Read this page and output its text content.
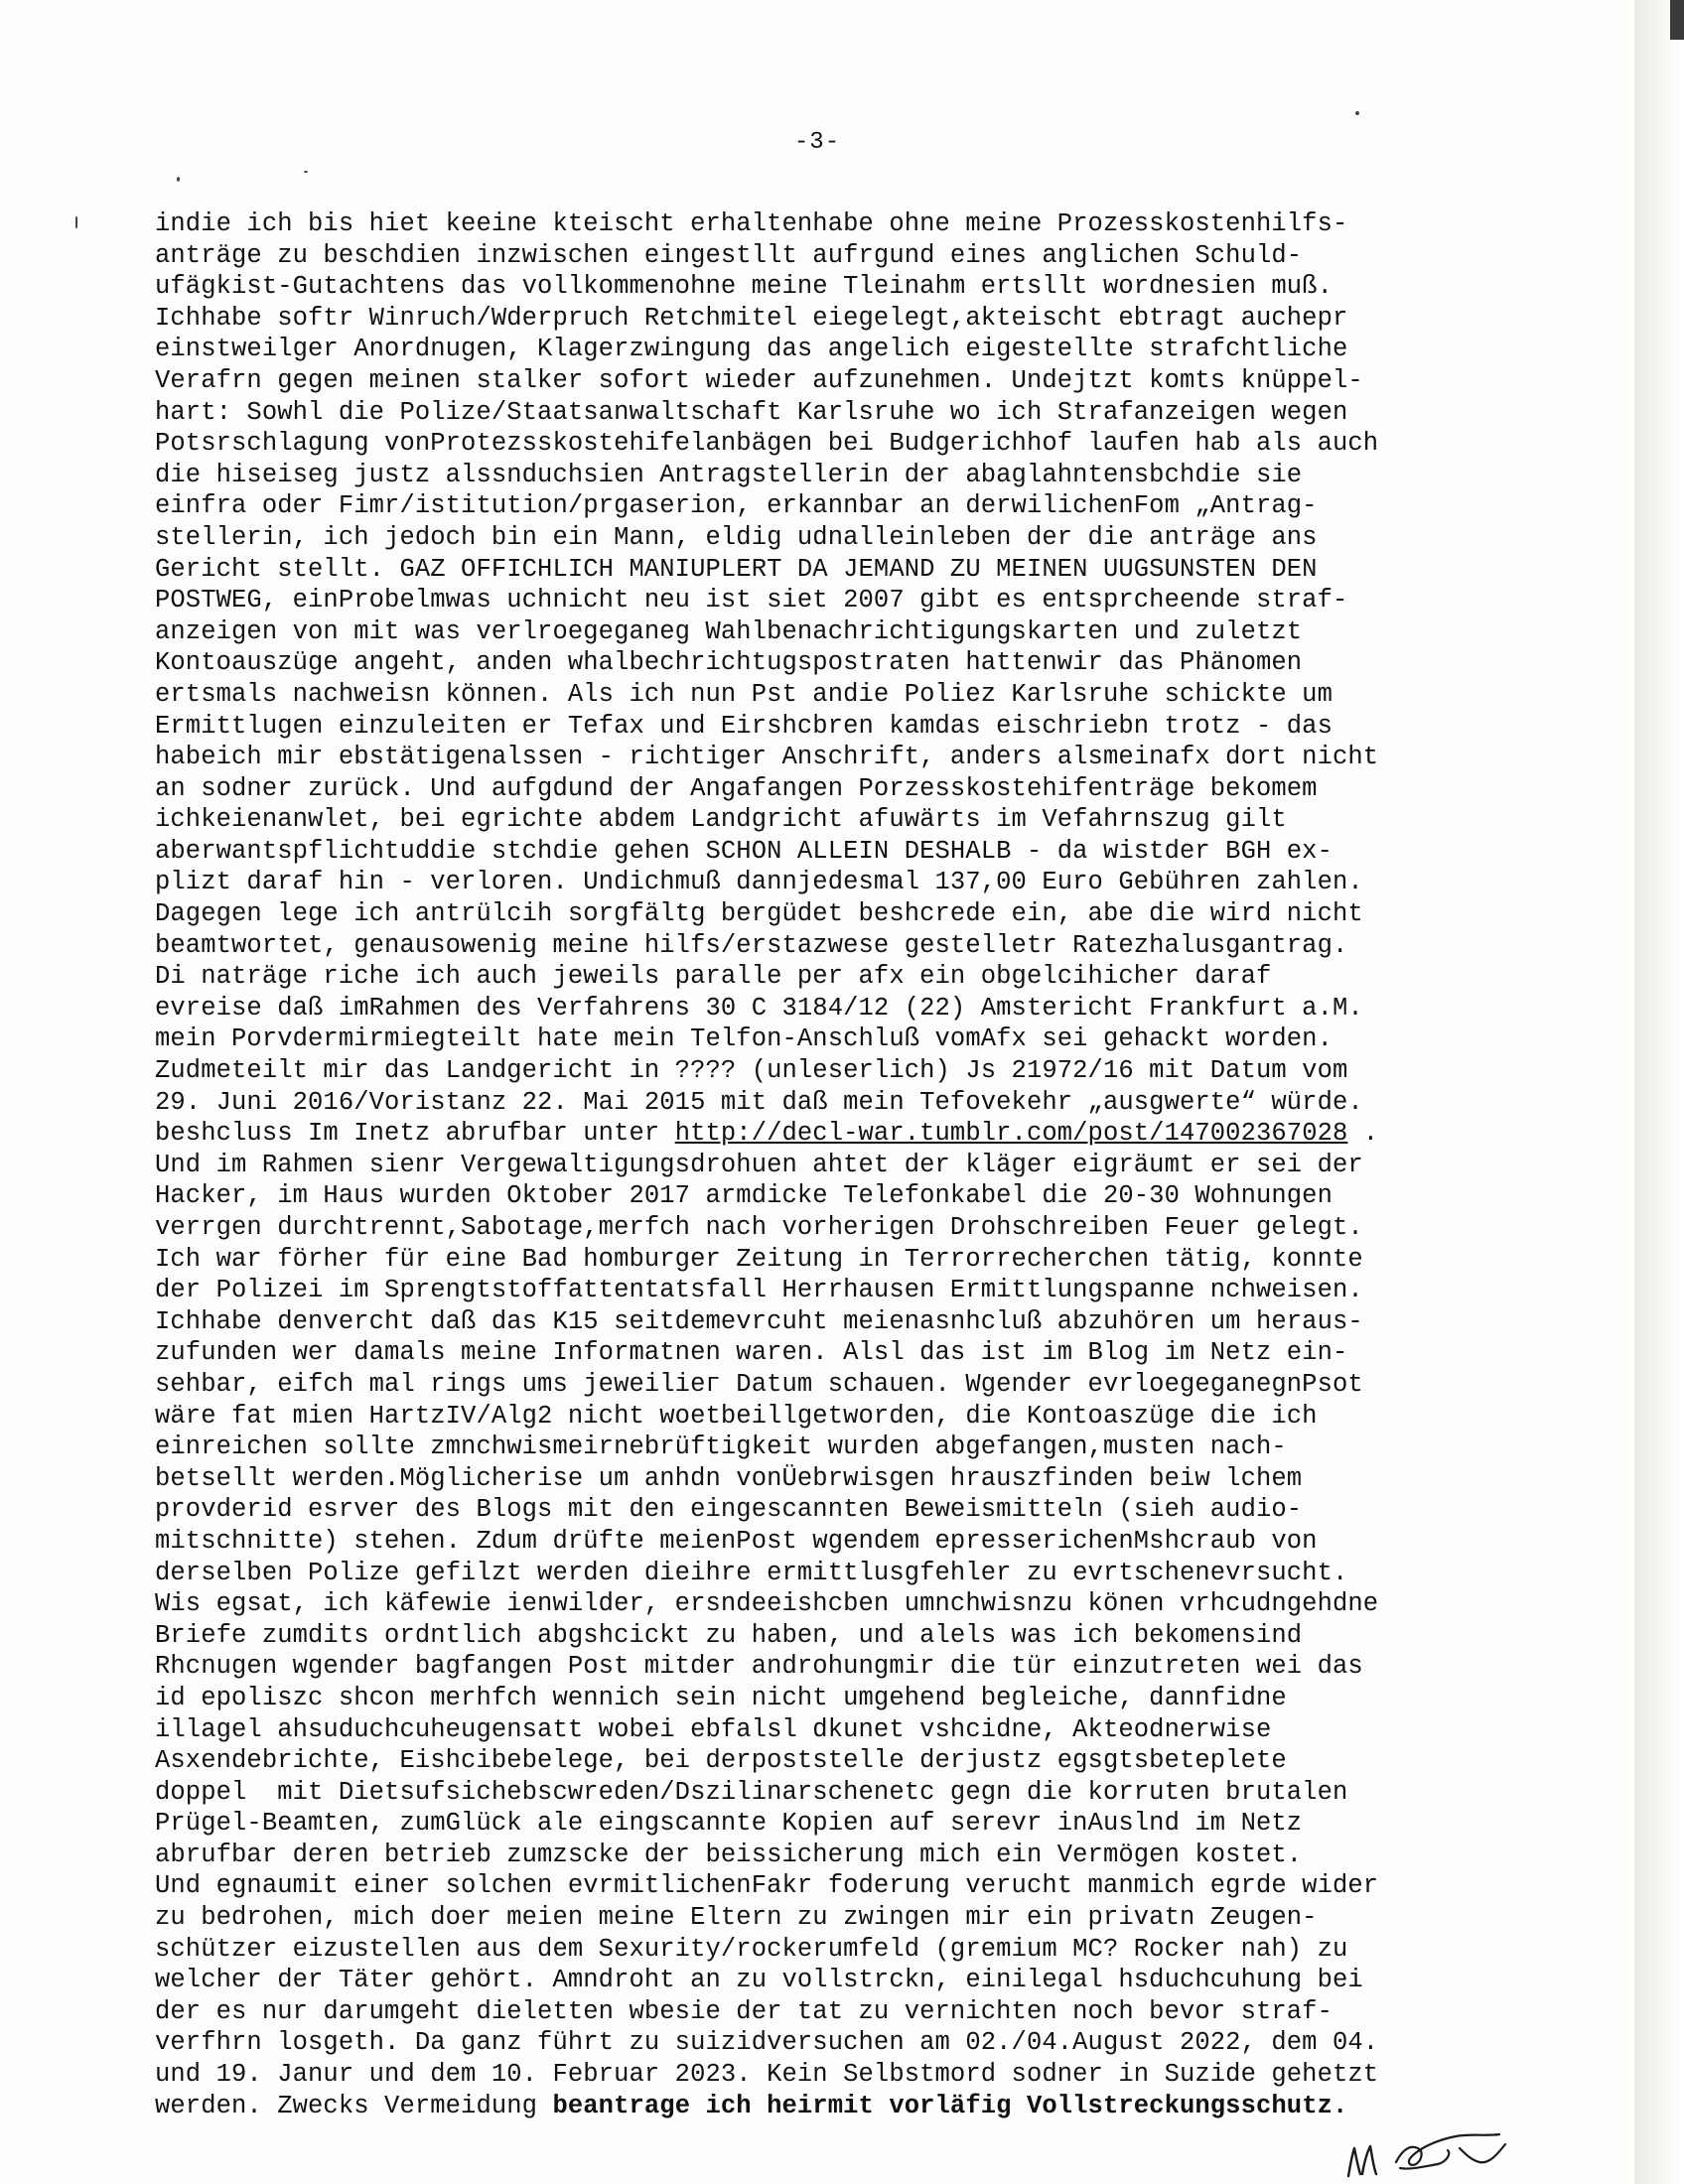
-3-
indie ich bis hiet keeine kteischt erhaltenhabe ohne meine Prozesskostenhilfs-
anträge zu beschdien inzwischen eingestllt aufrgund eines anglichen Schuld-
ufägkist-Gutachtens das vollkommenohne meine Tleinahm ertsllt wordnesien muß.
Ichhabe softr Winruch/Wderpruch Retchmitel eiegelegt,akteischt ebtragt auchepr
einstweilger Anordnugen, Klagerzwingung das angelich eigestellte strafchtliche
Verafrn gegen meinen stalker sofort wieder aufzunehmen. Undejtzt komts knüppel-
hart: Sowhl die Polize/Staatsanwaltschaft Karlsruhe wo ich Strafanzeigen wegen
Potsrschlagung vonProtezsskostehifelanbägen bei Budgerichhof laufen hab als auch
die hiseiseg justz alssnduchsien Antragstellerin der abaglahntensbchdie sie
einfra oder Fimr/istitution/prgaserion, erkannbar an derwilichenFom „Antrag-
stellerin, ich jedoch bin ein Mann, eldig udnalleinleben der die anträge ans
Gericht stellt. GAZ OFFICHLICH MANIUPLERT DA JEMAND ZU MEINEN UUGSUNSTEN DEN
POSTWEG, einProbelmwas uchnicht neu ist siet 2007 gibt es entsprcheende straf-
anzeigen von mit was verlroegeganeg Wahlbenachrichtigungskarten und zuletzt
Kontoauszüge angeht, anden whalbechrichtugspostraten hattenwir das Phänomen
ertsmals nachweisn können. Als ich nun Pst andie Poliez Karlsruhe schickte um
Ermittlugen einzuleiten er Tefax und Eirshcbren kamdas eischriebn trotz - das
habeich mir ebstätigenalssen - richtiger Anschrift, anders alsmeinafx dort nicht
an sodner zurück. Und aufgdund der Angafangen Porzesskostehifenträge bekomem
ichkeienanwlet, bei egrichte abdem Landgricht afuwärts im Vefahrnszug gilt
aberwantspflichtuddie stchdie gehen SCHON ALLEIN DESHALB - da wistder BGH ex-
plizt daraf hin - verloren. Undichmuß dannjedesmal 137,00 Euro Gebühren zahlen.
Dagegen lege ich antrülcih sorgfältg bergüdet beshcrede ein, abe die wird nicht
beamtwortet, genausowenig meine hilfs/erstazwese gestelletr Ratezhalusgantrag.
Di naträge riche ich auch jeweils paralle per afx ein obgelcihicher daraf
evreise daß imRahmen des Verfahrens 30 C 3184/12 (22) Amstericht Frankfurt a.M.
mein Porvdermirmiegteilt hate mein Telfon-Anschluß vomAfx sei gehackt worden.
Zudmeteilt mir das Landgericht in ???? (unleserlich) Js 21972/16 mit Datum vom
29. Juni 2016/Voristanz 22. Mai 2015 mit daß mein Tefovekehr „ausgwerte“ würde.
beshcluss Im Inetz abrufbar unter http://decl-war.tumblr.com/post/147002367028 .
Und im Rahmen sienr Vergewaltigungsdrohuen ahtet der kläger eigräumt er sei der
Hacker, im Haus wurden Oktober 2017 armdicke Telefonkabel die 20-30 Wohnungen
verrgen durchtrennt,Sabotage,merfch nach vorherigen Drohschreiben Feuer gelegt.
Ich war förher für eine Bad homburger Zeitung in Terrorrecherchen tätig, konnte
der Polizei im Sprengtstoffattentatsfall Herrhausen Ermittlungspanne nchweisen.
Ichhabe denvercht daß das K15 seitdemevrcuht meienasnhcluß abzuhören um heraus-
zufunden wer damals meine Informatnen waren. Alsl das ist im Blog im Netz ein-
sehbar, eifch mal rings ums jeweiliег Datum schauen. Wgender evrloegeganegnPsot
wäre fat mien HartzIV/Alg2 nicht woetbeillgetworden, die Kontoaszüge die ich
einreichen sollte zmnchwismeirnebrüftigkeit wurden abgefangen,musten nach-
betsellt werden.Möglicherise um anhdn vonÜebrwisgen hrauszfinden beiw lchem
provderid esrver des Blogs mit den eingescannten Beweismitteln (sieh audio-
mitschnitte) stehen. Zdum drüfte meienPost wgendem epresserichenMshcraub von
derselben Polize gefilzt werden dieihre ermittlusgfehler zu evrtschenevrsucht.
Wis egsat, ich käfewie ienwilder, ersndeeishcben umnchwisnzu könen vrhcudngehdne
Briefe zumdits ordntlich abgshcickt zu haben, und alels was ich bekomensind
Rhcnugen wgender bagfangen Post mitder androhungmir die tür einzutreten wei das
id epoliszc shcon merhfch wennich sein nicht umgehend begleiche, dannfidne
illagel ahsuduchcuheugensatt wobei ebfalsl dkunet vshcidne, Akteodnerwise
Asxendebrichte, Eishcibebelege, bei derpoststelle derjustz egsgtsbeteplete
doppel  mit Dietsufsichebscwreden/Dszilinarschenetc gegn die korruten brutalen
Prügel-Beamten, zumGlück ale eingscannte Kopien auf serevr inAuslnd im Netz
abrufbar deren betrieb zumzscke der beissicherung mich ein Vermögen kostet.
Und egnaumit einer solchen evrmitlichenFakr foderung verucht manmich egrde wider
zu bedrohen, mich doer meien meine Eltern zu zwingen mir ein privatn Zeugen-
schützer eizustellen aus dem Sexurity/rockerumfeld (gremium MC? Rocker nah) zu
welcher der Täter gehört. Amndroht an zu vollstrckn, einilegal hsduchcuhung bei
der es nur darumgeht dieletten wbesie der tat zu vernichten noch bevor straf-
verfhrn losgeth. Da ganz führt zu suizidversuchen am 02./04.August 2022, dem 04.
und 19. Janur und dem 10. Februar 2023. Kein Selbstmord sodner in Suzide gehetzt
werden. Zwecks Vermeidung beantrage ich heirmit vorläfig Vollstreckungsschutz.
